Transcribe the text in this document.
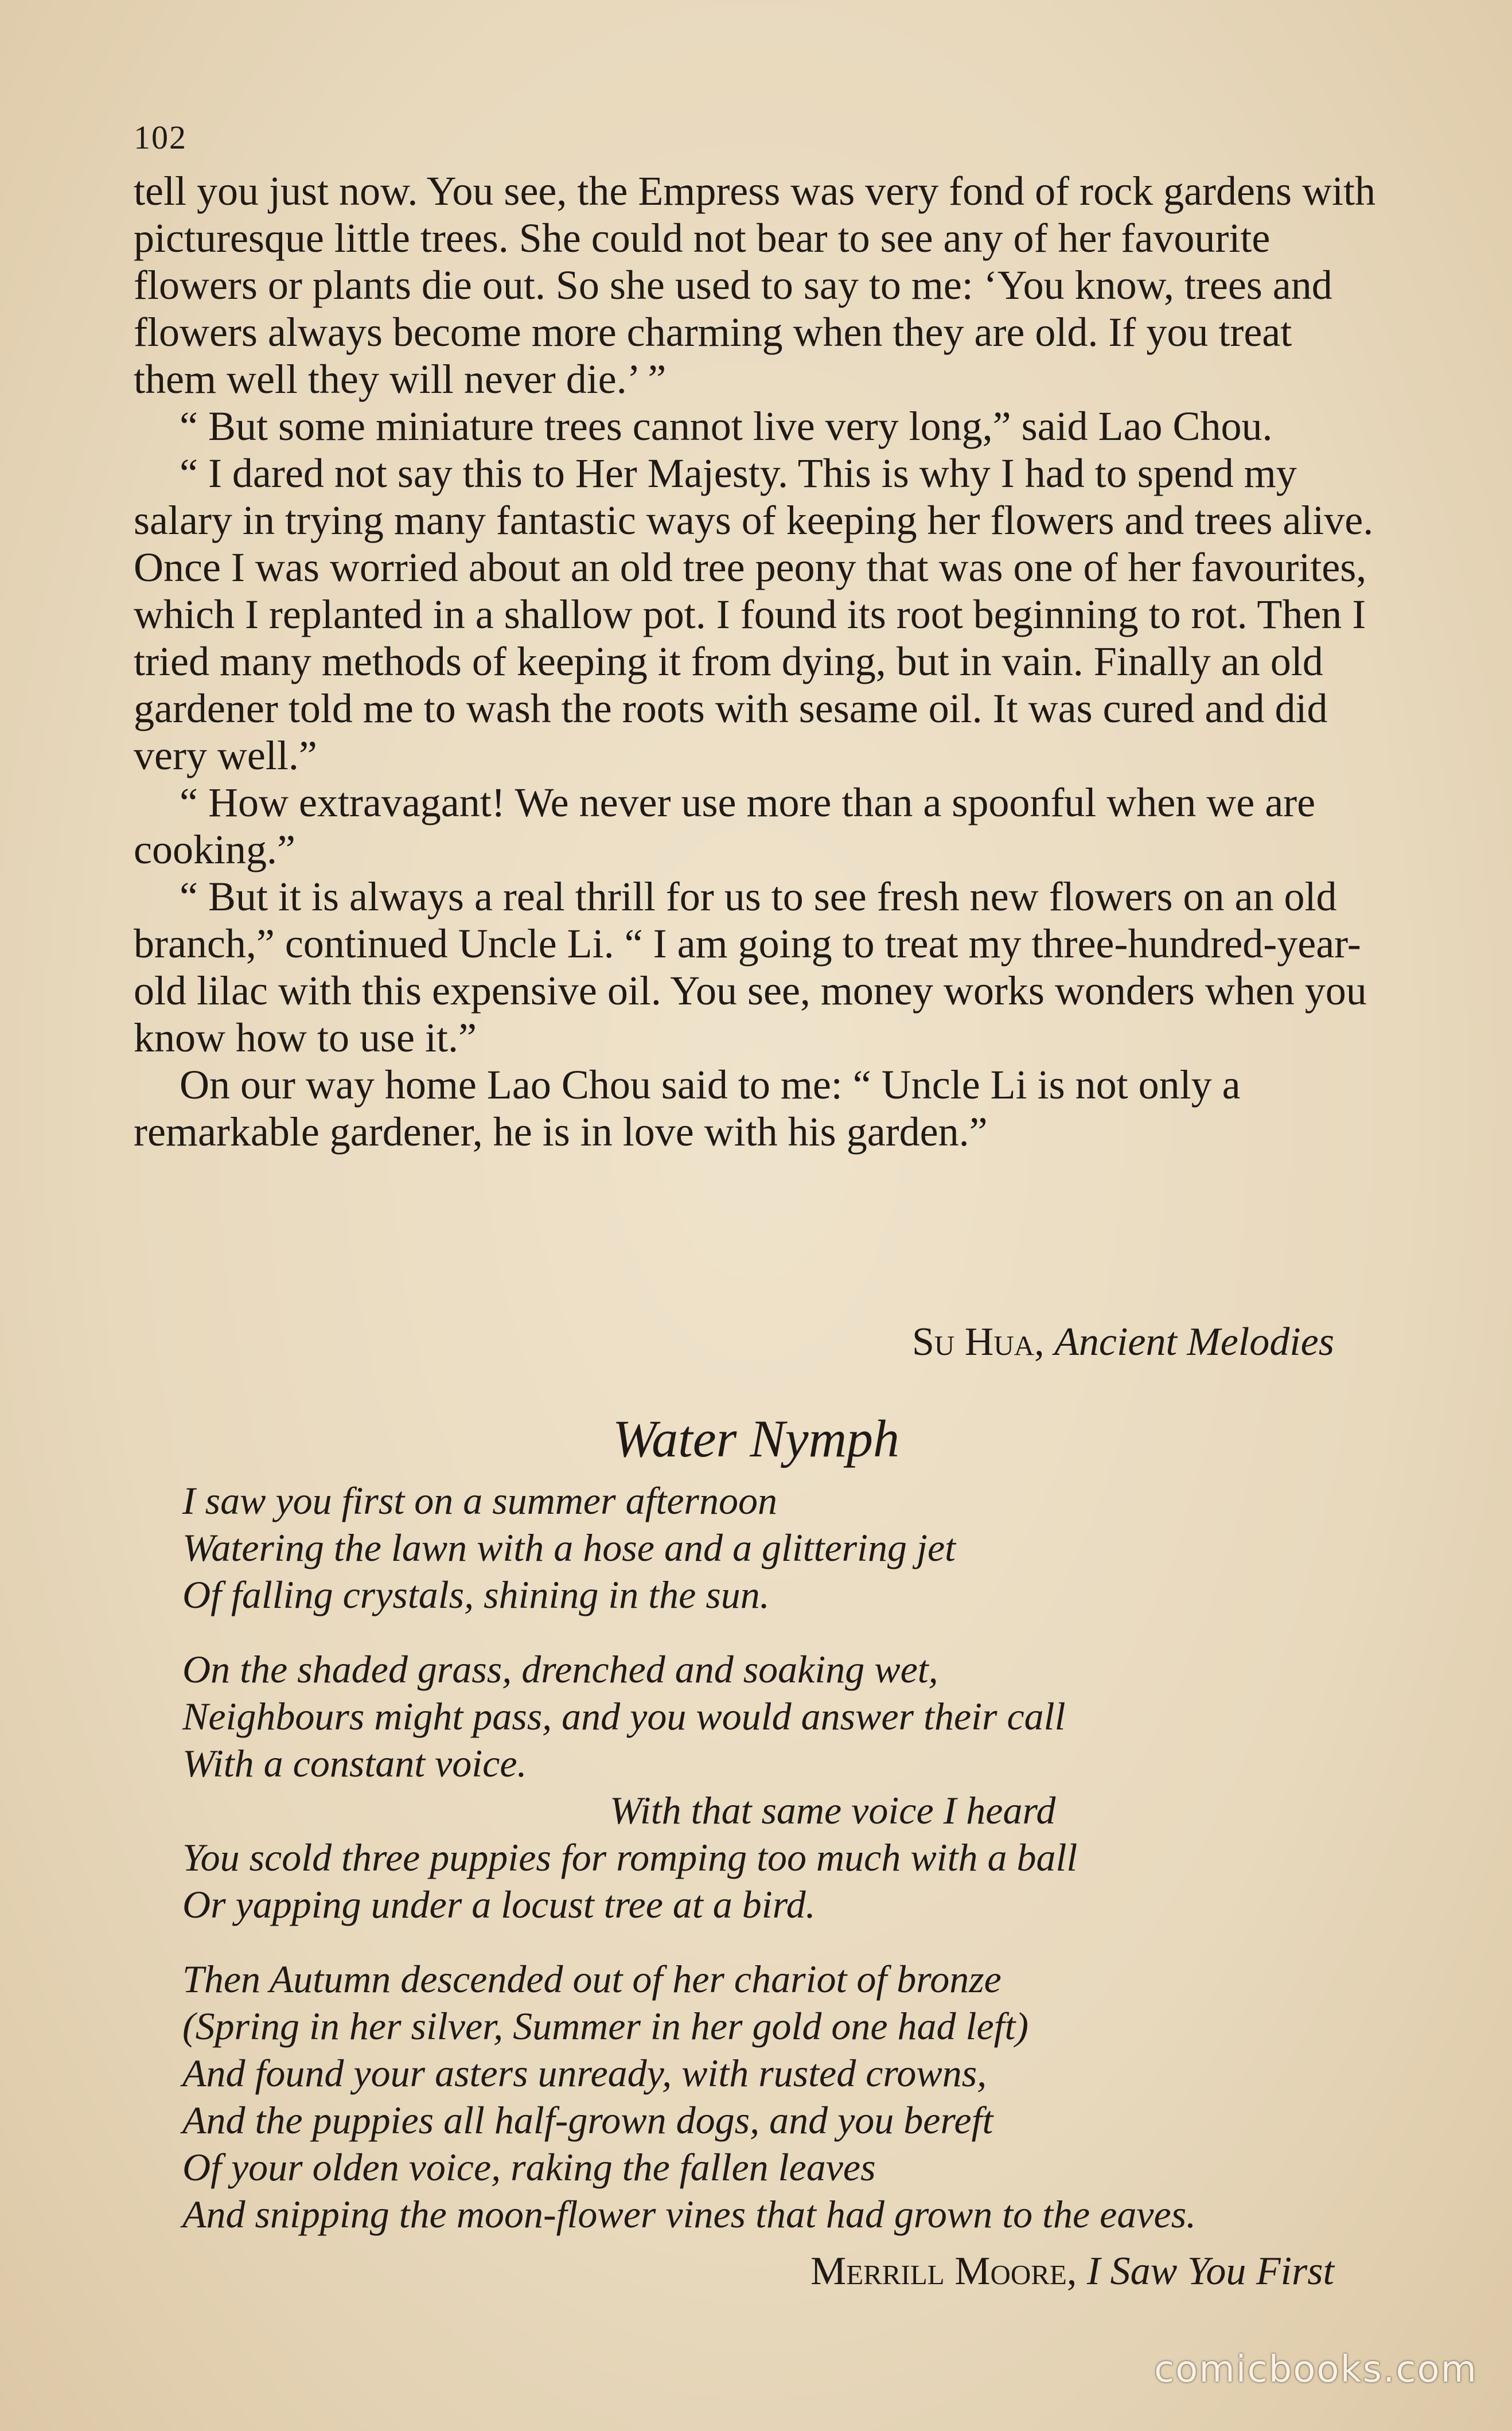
102

tell you just now. You see, the Empress was very fond of rock gardens with picturesque little trees. She could not bear to see any of her favourite flowers or plants die out. So she used to say to me: ‘You know, trees and flowers always become more charming when they are old. If you treat them well they will never die.’ ”

“ But some miniature trees cannot live very long,” said Lao Chou.

“ I dared not say this to Her Majesty. This is why I had to spend my salary in trying many fantastic ways of keeping her flowers and trees alive. Once I was worried about an old tree peony that was one of her favourites, which I replanted in a shallow pot. I found its root beginning to rot. Then I tried many methods of keeping it from dying, but in vain. Finally an old gardener told me to wash the roots with sesame oil. It was cured and did very well.”

“ How extravagant! We never use more than a spoonful when we are cooking.”

“ But it is always a real thrill for us to see fresh new flowers on an old branch,” continued Uncle Li. “ I am going to treat my three-hundred-year-old lilac with this expensive oil. You see, money works wonders when you know how to use it.”

On our way home Lao Chou said to me: “ Uncle Li is not only a remarkable gardener, he is in love with his garden.”

Su Hua, Ancient Melodies
Water Nymph
I saw you first on a summer afternoon
Watering the lawn with a hose and a glittering jet
Of falling crystals, shining in the sun.
On the shaded grass, drenched and soaking wet,
Neighbours might pass, and you would answer their call
With a constant voice.
With that same voice I heard
You scold three puppies for romping too much with a ball
Or yapping under a locust tree at a bird.
Then Autumn descended out of her chariot of bronze
(Spring in her silver, Summer in her gold one had left)
And found your asters unready, with rusted crowns,
And the puppies all half-grown dogs, and you bereft
Of your olden voice, raking the fallen leaves
And snipping the moon-flower vines that had grown to the eaves.
Merrill Moore, I Saw You First
comicbooks.com
